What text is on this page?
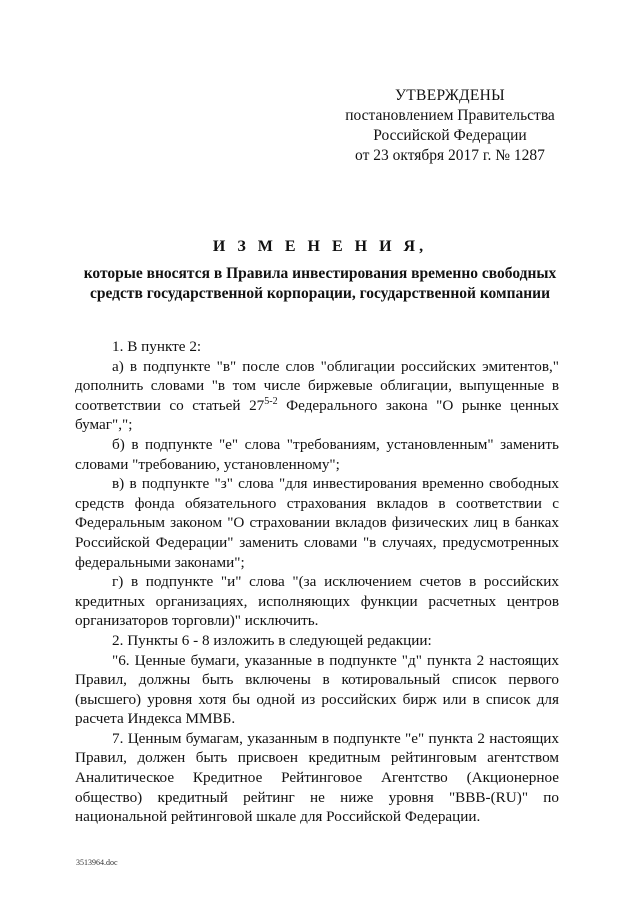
УТВЕРЖДЕНЫ
постановлением Правительства
Российской Федерации
от 23 октября 2017 г. № 1287
И З М Е Н Е Н И Я,
которые вносятся в Правила инвестирования временно свободных средств государственной корпорации, государственной компании

1. В пункте 2:

а) в подпункте "в" после слов "облигации российских эмитентов," дополнить словами "в том числе биржевые облигации, выпущенные в соответствии со статьей 27$^{5-2}$ Федерального закона "О рынке ценных бумаг",";

б) в подпункте "е" слова "требованиям, установленным" заменить словами "требованию, установленному";

в) в подпункте "з" слова "для инвестирования временно свободных средств фонда обязательного страхования вкладов в соответствии с Федеральным законом "О страховании вкладов физических лиц в банках Российской Федерации" заменить словами "в случаях, предусмотренных федеральными законами";

г) в подпункте "и" слова "(за исключением счетов в российских кредитных организациях, исполняющих функции расчетных центров организаторов торговли)" исключить.

2. Пункты 6 - 8 изложить в следующей редакции:

"6. Ценные бумаги, указанные в подпункте "д" пункта 2 настоящих Правил, должны быть включены в котировальный список первого (высшего) уровня хотя бы одной из российских бирж или в список для расчета Индекса ММВБ.

7. Ценным бумагам, указанным в подпункте "е" пункта 2 настоящих Правил, должен быть присвоен кредитным рейтинговым агентством Аналитическое Кредитное Рейтинговое Агентство (Акционерное общество) кредитный рейтинг не ниже уровня "ВВВ-(RU)" по национальной рейтинговой шкале для Российской Федерации.

3513964.doc
